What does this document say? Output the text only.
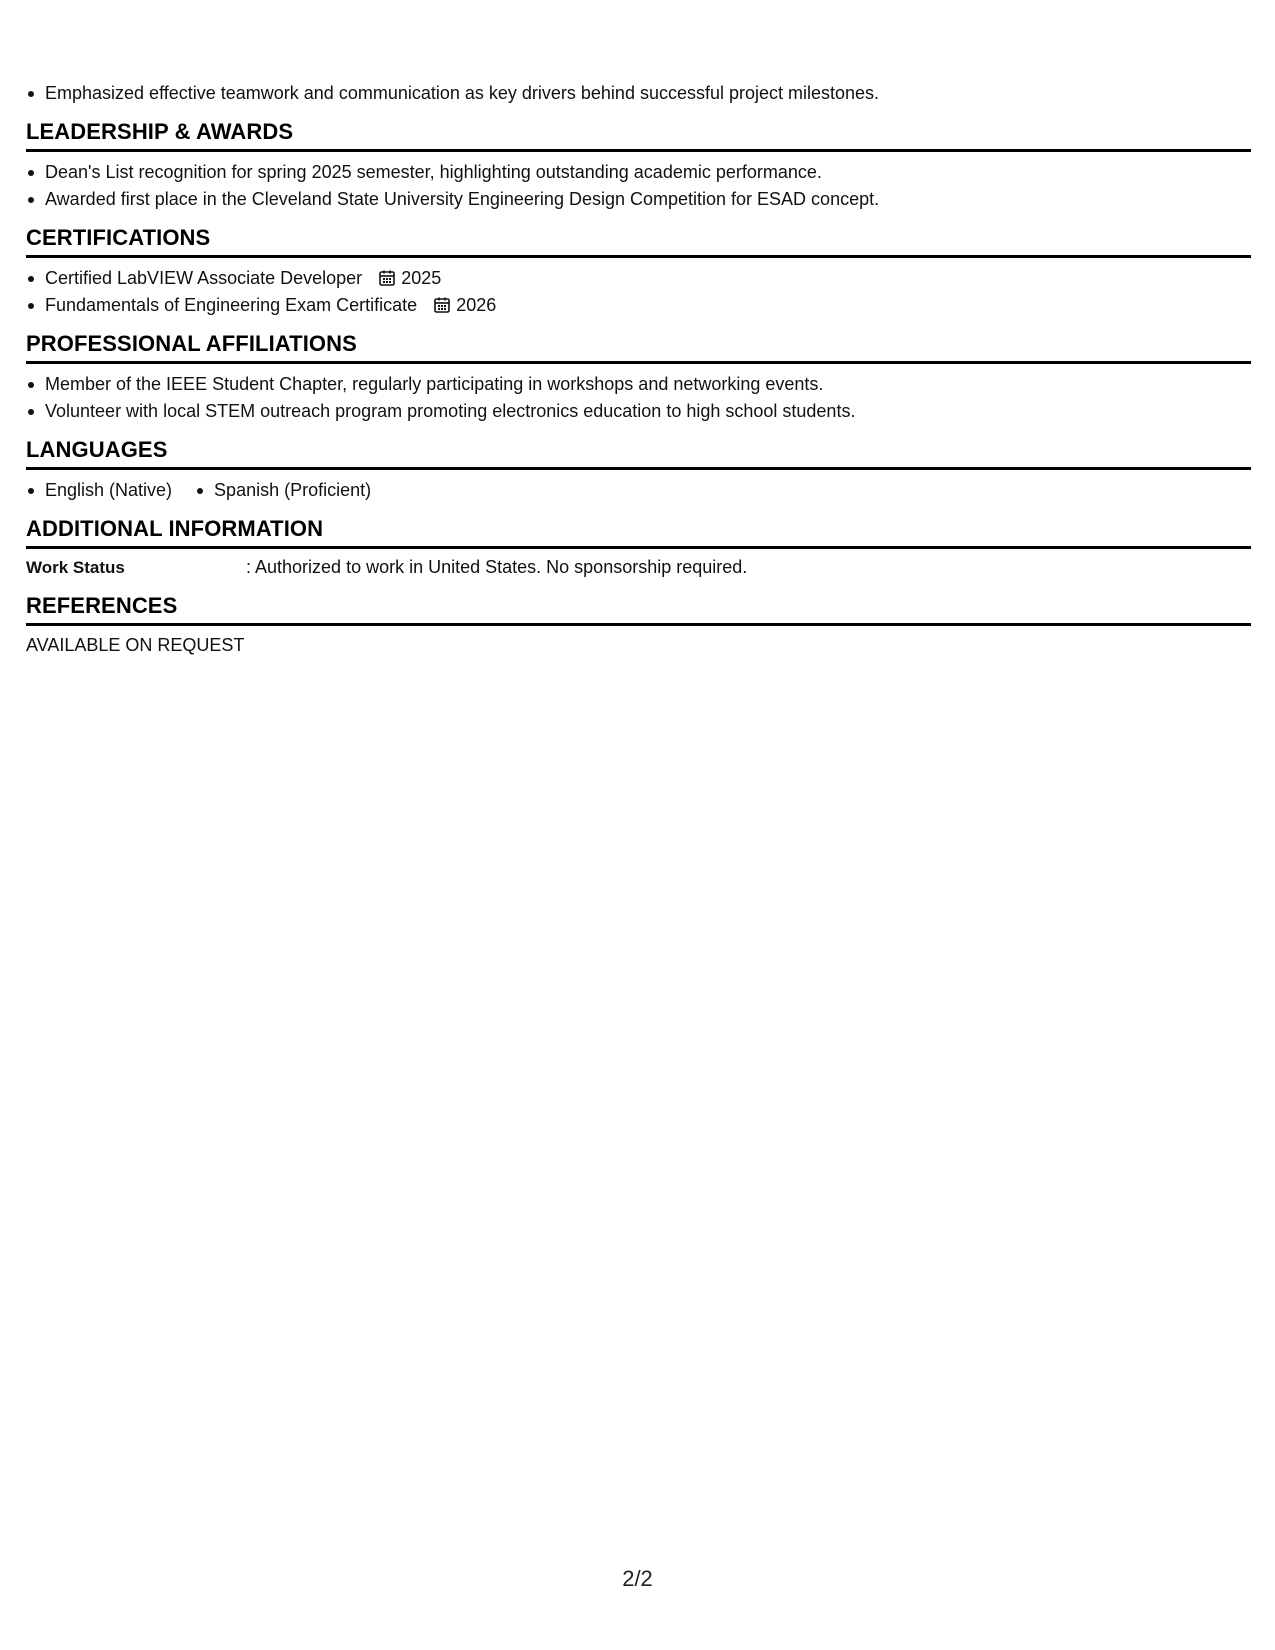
Emphasized effective teamwork and communication as key drivers behind successful project milestones.
LEADERSHIP & AWARDS
Dean's List recognition for spring 2025 semester, highlighting outstanding academic performance.
Awarded first place in the Cleveland State University Engineering Design Competition for ESAD concept.
CERTIFICATIONS
Certified LabVIEW Associate Developer 2025
Fundamentals of Engineering Exam Certificate 2026
PROFESSIONAL AFFILIATIONS
Member of the IEEE Student Chapter, regularly participating in workshops and networking events.
Volunteer with local STEM outreach program promoting electronics education to high school students.
LANGUAGES
English (Native)	Spanish (Proficient)
ADDITIONAL INFORMATION
Work Status	: Authorized to work in United States. No sponsorship required.
REFERENCES
AVAILABLE ON REQUEST
2/2
